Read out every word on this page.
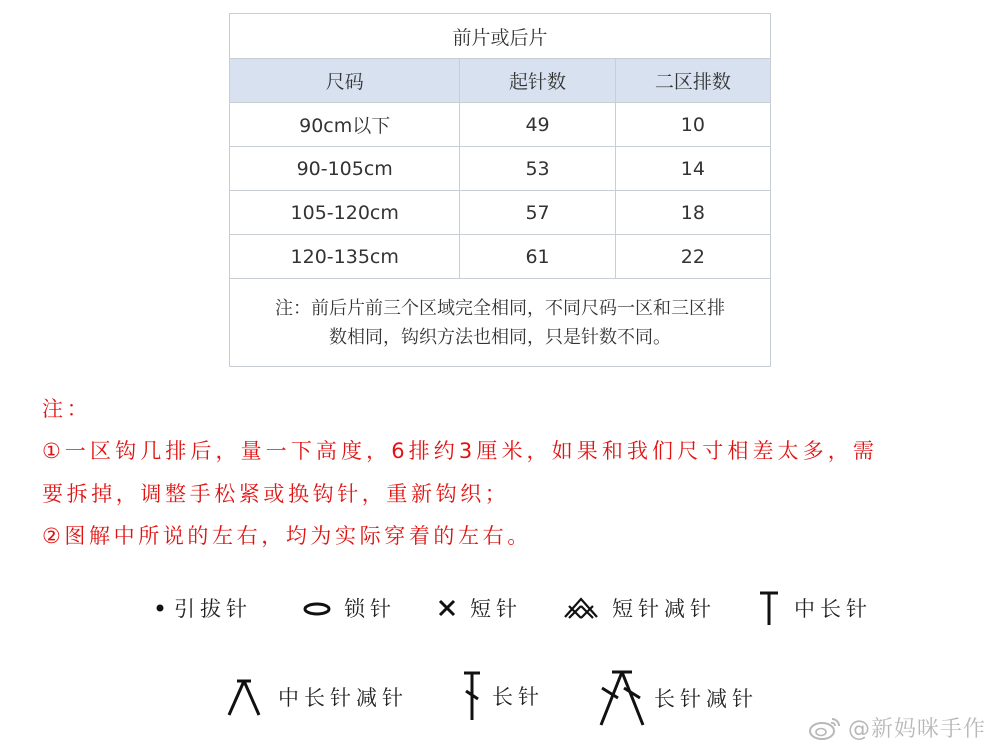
前片或后片		
尺码	起针数	二区排数
90cm以下	49	10
90-105cm	53	14
105-120cm	57	18
120-135cm	61	22

注：前后片前三个区域完全相同，不同尺码一区和三区排
数相同，钩织方法也相同，只是针数不同。		
注：
①一区钩几排后，量一下高度，6排约3厘米，如果和我们尺寸相差太多，需
要拆掉，调整手松紧或换钩针，重新钩织；
②图解中所说的左右，均为实际穿着的左右。
引拔针	锁针	短针	短针减针	中长针
中长针减针	长针	长针减针
@新妈咪手作
